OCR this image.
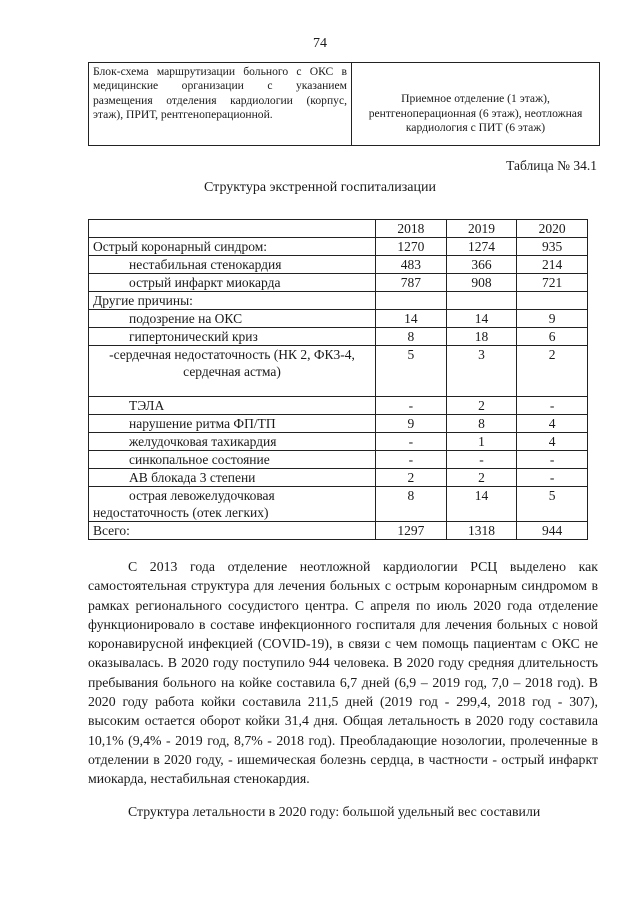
74
Блок-схема маршрутизации больного с ОКС в медицинские организации с указанием размещения отделения кардиологии (корпус, этаж), ПРИТ, рентгеноперационной.	Приемное отделение (1 этаж), рентгеноперационная (6 этаж), неотложная кардиология с ПИТ (6 этаж)
Таблица № 34.1
Структура экстренной госпитализации
	2018	2019	2020
Острый коронарный синдром:	1270	1274	935
нестабильная стенокардия	483	366	214
острый инфаркт миокарда	787	908	721
Другие причины:			
подозрение на ОКС	14	14	9
гипертонический криз	8	18	6
-сердечная недостаточность (НК 2, ФК3-4, сердечная астма)	5	3	2
ТЭЛА	-	2	-
нарушение ритма ФП/ТП	9	8	4
желудочковая тахикардия	-	1	4
синкопальное состояние	-	-	-
АВ блокада 3 степени	2	2	-
острая левожелудочковая недостаточность (отек легких)	8	14	5
Всего:	1297	1318	944
С 2013 года отделение неотложной кардиологии РСЦ выделено как самостоятельная структура для лечения больных с острым коронарным синдромом в рамках регионального сосудистого центра. С апреля по июль 2020 года отделение функционировало в составе инфекционного госпиталя для лечения больных с новой коронавирусной инфекцией (COVID-19), в связи с чем помощь пациентам с ОКС не оказывалась. В 2020 году поступило 944 человека. В 2020 году средняя длительность пребывания больного на койке составила 6,7 дней (6,9 – 2019 год, 7,0 – 2018 год). В 2020 году работа койки составила 211,5 дней (2019 год - 299,4, 2018 год - 307), высоким остается оборот койки 31,4 дня. Общая летальность в 2020 году составила 10,1% (9,4% - 2019 год, 8,7% - 2018 год). Преобладающие нозологии, пролеченные в отделении в 2020 году, - ишемическая болезнь сердца, в частности - острый инфаркт миокарда, нестабильная стенокардия.
Структура летальности в 2020 году: большой удельный вес составили
